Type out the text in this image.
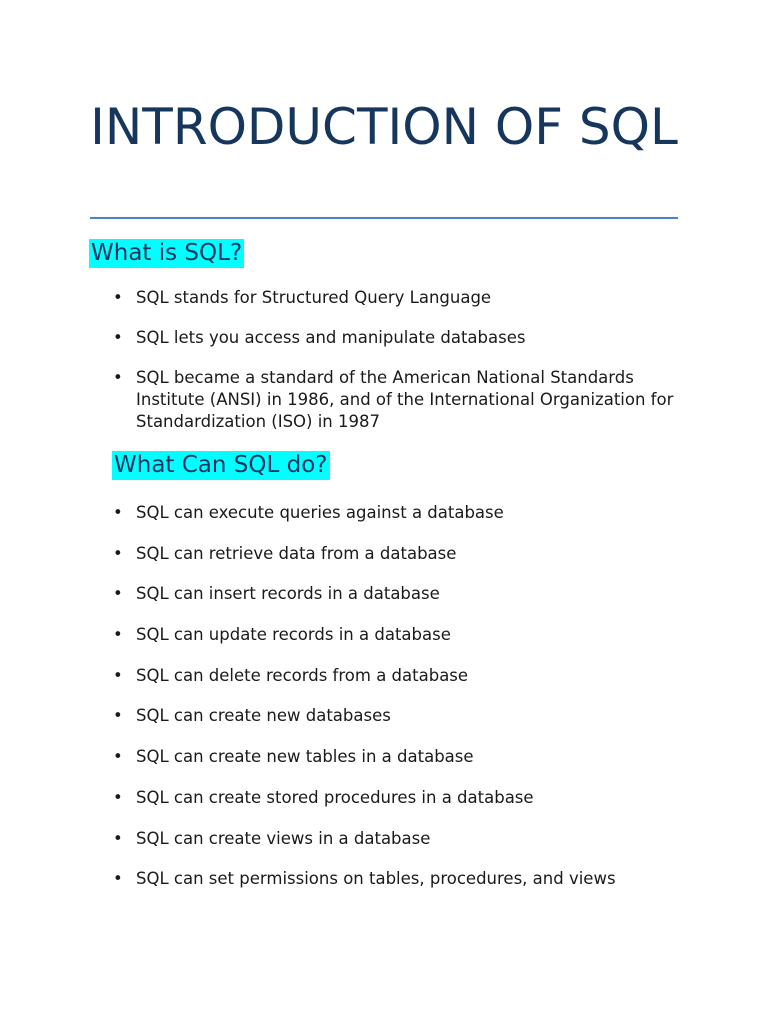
INTRODUCTION OF SQL
What is SQL?
• SQL stands for Structured Query Language
• SQL lets you access and manipulate databases
• SQL became a standard of the American National Standards Institute (ANSI) in 1986, and of the International Organization for Standardization (ISO) in 1987
What Can SQL do?
• SQL can execute queries against a database
• SQL can retrieve data from a database
• SQL can insert records in a database
• SQL can update records in a database
• SQL can delete records from a database
• SQL can create new databases
• SQL can create new tables in a database
• SQL can create stored procedures in a database
• SQL can create views in a database
• SQL can set permissions on tables, procedures, and views
